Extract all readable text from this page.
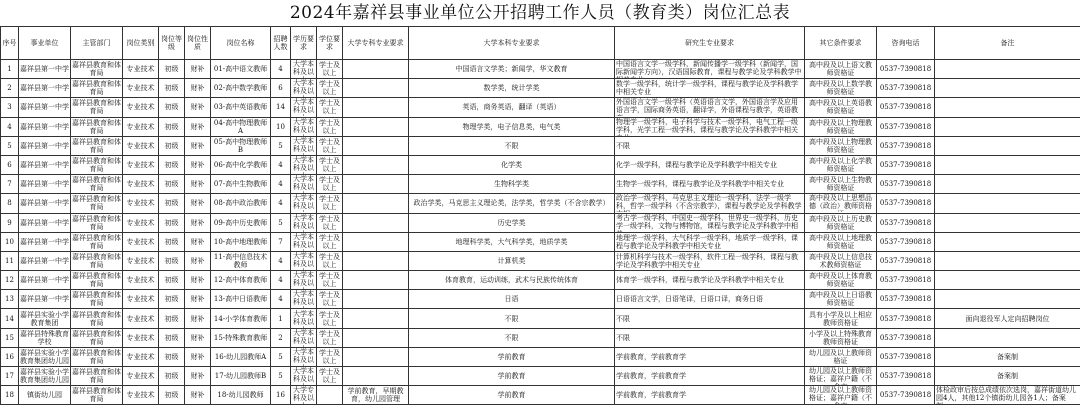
2024年嘉祥县事业单位公开招聘工作人员（教育类）岗位汇总表
序号	事业单位	主管部门	岗位类别	岗位等级	岗位性质	岗位名称	招聘人数	学历要求	学位要求	大学专科专业要求	大学本科专业要求	研究生专业要求	其它条件要求	咨询电话	备注

1	嘉祥县第一中学	嘉祥县教育和体育局	专业技术	初级	财补	01-高中语文教师	4	大学本科及以	学士及以上		中国语言文学类；新闻学，华文教育	中国语言文学一级学科，新闻传播学一级学科（新闻学，国际新闻学方向），汉语国际教育，课程与教学论及学科教学中	高中段及以上语文教师资格证	0537-7390818	

2	嘉祥县第一中学	嘉祥县教育和体育局	专业技术	初级	财补	02-高中数学教师	6	大学本科及以	学士及以上		数学类，统计学类	数学一级学科，统计学一级学科，课程与教学论及学科教学中相关专业	高中段及以上数学教师资格证	0537-7390818	

3	嘉祥县第一中学	嘉祥县教育和体育局	专业技术	初级	财补	03-高中英语教师	14	大学本科及以	学士及以上		英语，商务英语，翻译（英语）	外国语言文学一级学科（英语语言文学，外国语言学及应用语言学，国际商务英语，翻译学，外语课程与教学，英语教	高中段及以上英语教师资格证	0537-7390818	

4	嘉祥县第一中学	嘉祥县教育和体育局	专业技术	初级	财补	04-高中物理教师A	10	大学本科及以	学士及以上		物理学类，电子信息类，电气类	物理学一级学科，电子科学与技术一级学科，电气工程一级学科，光学工程一级学科，课程与教学论及学科教学中相关	高中段及以上物理教师资格证	0537-7390818	

5	嘉祥县第一中学	嘉祥县教育和体育局	专业技术	初级	财补	05-高中物理教师B	5	大学本科及以	学士及以上		不限	不限	高中段及以上物理教师资格证	0537-7390818	

6	嘉祥县第一中学	嘉祥县教育和体育局	专业技术	初级	财补	06-高中化学教师	4	大学本科及以	学士及以上		化学类	化学一级学科，课程与教学论及学科教学中相关专业	高中段及以上化学教师资格证	0537-7390818	

7	嘉祥县第一中学	嘉祥县教育和体育局	专业技术	初级	财补	07-高中生物教师	4	大学本科及以	学士及以上		生物科学类	生物学一级学科，课程与教学论及学科教学中相关专业	高中段及以上生物教师资格证	0537-7390818	

8	嘉祥县第一中学	嘉祥县教育和体育局	专业技术	初级	财补	08-高中政治教师	4	大学本科及以	学士及以上		政治学类，马克思主义理论类，法学类，哲学类（不含宗教学）	政治学一级学科，马克思主义理论一级学科，法学一级学科，哲学一级学科（不含宗教学），课程与教学论及学科教学	高中段及以上思想品德（政治）教师资格	0537-7390818	

9	嘉祥县第一中学	嘉祥县教育和体育局	专业技术	初级	财补	09-高中历史教师	5	大学本科及以	学士及以上		历史学类	考古学一级学科，中国史一级学科，世界史一级学科，历史学一级学科，文物与博物馆，课程与教学论及学科教学中相	高中段及以上历史教师资格证	0537-7390818	

10	嘉祥县第一中学	嘉祥县教育和体育局	专业技术	初级	财补	10-高中地理教师	7	大学本科及以	学士及以上		地理科学类，大气科学类，地质学类	地理学一级学科，大气科学一级学科，地质学一级学科，课程与教学论及学科教学中相关专业	高中段及以上地理教师资格证	0537-7390818	

11	嘉祥县第一中学	嘉祥县教育和体育局	专业技术	初级	财补	11-高中信息技术教师	4	大学本科及以	学士及以上		计算机类	计算机科学与技术一级学科，软件工程一级学科，课程与教学论及学科教学中相关专业	高中段及以上信息技术教师资格证	0537-7390818	

12	嘉祥县第一中学	嘉祥县教育和体育局	专业技术	初级	财补	12-高中体育教师	4	大学本科及以	学士及以上		体育教育，运动训练，武术与民族传统体育	体育学一级学科，课程与教学论及学科教学中相关专业	高中段及以上体育教师资格证	0537-7390818	

13	嘉祥县第一中学	嘉祥县教育和体育局	专业技术	初级	财补	13-高中日语教师	4	大学本科及以	学士及以上		日语	日语语言文学，日语笔译，日语口译，商务日语	高中段及以上日语教师资格证	0537-7390818	

14	嘉祥县实验小学教育集团	嘉祥县教育和体育局	专业技术	初级	财补	14-小学体育教师	1	大学本科及以	学士及以上		不限	不限	具有小学及以上相应教师资格证	0537-7390818	面向退役军人定向招聘岗位

15	嘉祥县特殊教育学校	嘉祥县教育和体育局	专业技术	初级	财补	15-特殊教育教师	2	大学本科及以	学士及以上		不限	不限	小学及以上特殊教育教师资格证	0537-7390818	

16	嘉祥县实验小学教育集团幼儿园	嘉祥县教育和体育局	专业技术	初级	财补	16-幼儿园教师A	5	大学本科及以	学士及以上		学前教育	学前教育，学前教育学	幼儿园及以上教师资格证	0537-7390818	备案制

17	嘉祥县实验小学教育集团幼儿园	嘉祥县教育和体育局	专业技术	初级	财补	17-幼儿园教师B	5	大学本科及以	学士及以上		学前教育	学前教育，学前教育学	幼儿园及以上教师资格证；嘉祥户籍（不	0537-7390818	备案制

18	镇街幼儿园	嘉祥县教育和体育局	专业技术	初级	财补	18-幼儿园教师	16	大学专科及以		学前教育，早期教育，幼儿园管理	学前教育	学前教育，学前教育学	幼儿园及以上教师资格证；嘉祥户籍（不	0537-7390818	体检政审后按总成绩依次选岗，嘉祥街道幼儿园4人，其他12个镇街幼儿园各1人；备案
